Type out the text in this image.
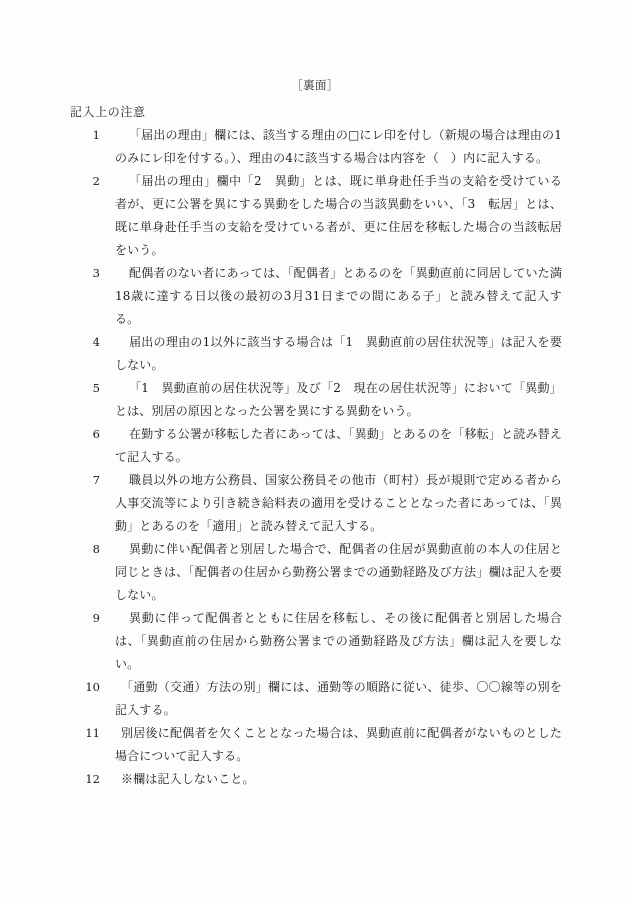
［裏面］
記入上の注意
1	「届出の理由」欄には、該当する理由の□にレ印を付し（新規の場合は理由の1のみにレ印を付する。）、理由の4に該当する場合は内容を（　）内に記入する。
2	「届出の理由」欄中「2　異動」とは、既に単身赴任手当の支給を受けている者が、更に公署を異にする異動をした場合の当該異動をいい、「3　転居」とは、既に単身赴任手当の支給を受けている者が、更に住居を移転した場合の当該転居をいう。
3	配偶者のない者にあっては、「配偶者」とあるのを「異動直前に同居していた満18歳に達する日以後の最初の3月31日までの間にある子」と読み替えて記入する。
4	届出の理由の1以外に該当する場合は「1　異動直前の居住状況等」は記入を要しない。
5	「1　異動直前の居住状況等」及び「2　現在の居住状況等」において「異動」とは、別居の原因となった公署を異にする異動をいう。
6	在勤する公署が移転した者にあっては、「異動」とあるのを「移転」と読み替えて記入する。
7	職員以外の地方公務員、国家公務員その他市（町村）長が規則で定める者から人事交流等により引き続き給料表の適用を受けることとなった者にあっては、「異動」とあるのを「適用」と読み替えて記入する。
8	異動に伴い配偶者と別居した場合で、配偶者の住居が異動直前の本人の住居と同じときは、「配偶者の住居から勤務公署までの通勤経路及び方法」欄は記入を要しない。
9	異動に伴って配偶者とともに住居を移転し、その後に配偶者と別居した場合は、「異動直前の住居から勤務公署までの通勤経路及び方法」欄は記入を要しない。
10	「通勤（交通）方法の別」欄には、通勤等の順路に従い、徒歩、〇〇線等の別を記入する。
11	別居後に配偶者を欠くこととなった場合は、異動直前に配偶者がないものとした場合について記入する。
12	※欄は記入しないこと。
